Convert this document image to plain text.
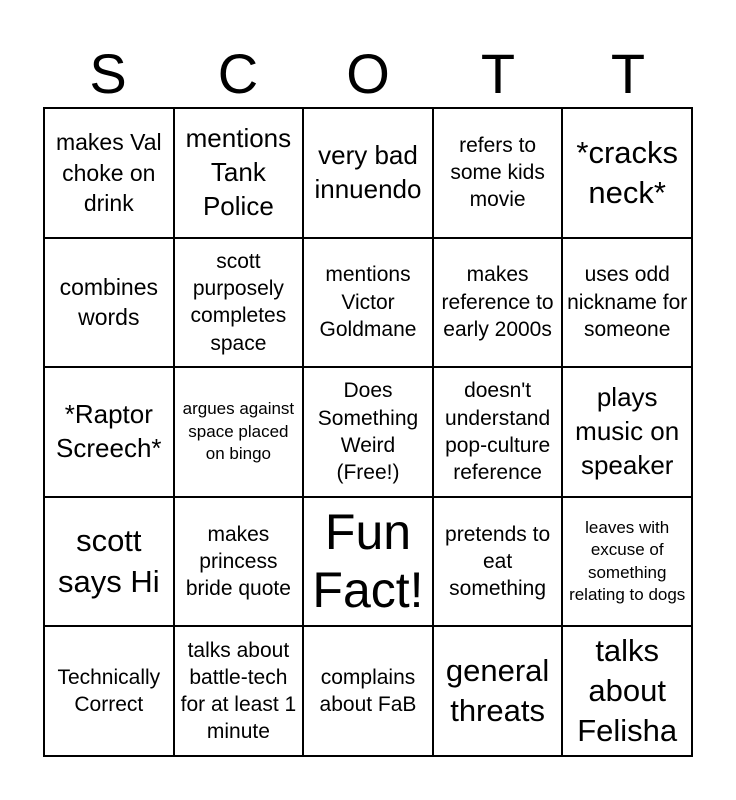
S	C	O	T	T
makes Val choke on drink
mentions Tank Police
very bad innuendo
refers to some kids movie
*cracks neck*
combines words
scott purposely completes space
mentions Victor Goldmane
makes reference to early 2000s
uses odd nickname for someone
*Raptor Screech*
argues against space placed on bingo
Does Something Weird (Free!)
doesn't understand pop-culture reference
plays music on speaker
scott says Hi
makes princess bride quote
Fun Fact!
pretends to eat something
leaves with excuse of something relating to dogs
Technically Correct
talks about battle-tech for at least 1 minute
complains about FaB
general threats
talks about Felisha
